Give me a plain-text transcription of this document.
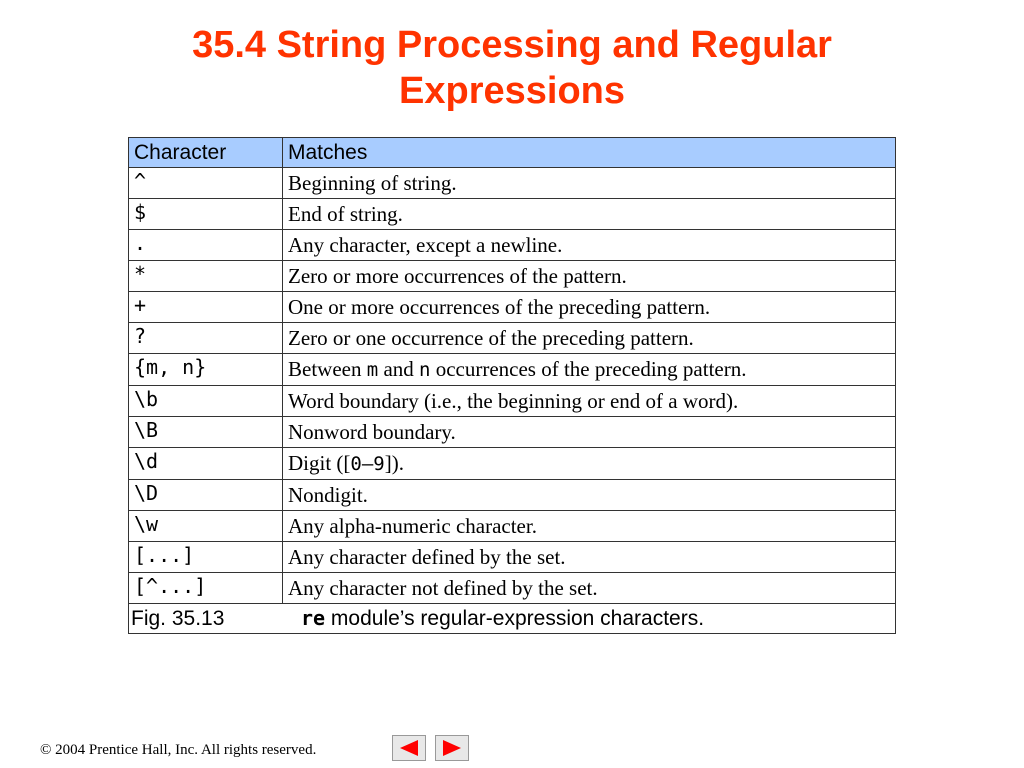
35.4 String Processing and Regular
Expressions
Character	Matches
^	Beginning of string.
$	End of string.
.	Any character, except a newline.
*	Zero or more occurrences of the pattern.
+	One or more occurrences of the preceding pattern.
?	Zero or one occurrence of the preceding pattern.
{m, n}	Between m and n occurrences of the preceding pattern.
\b	Word boundary (i.e., the beginning or end of a word).
\B	Nonword boundary.
\d	Digit ([0–9]).
\D	Nondigit.
\w	Any alpha-numeric character.
[...]	Any character defined by the set.
[^...]	Any character not defined by the set.
Fig. 35.13 re module’s regular-expression characters.	
© 2004 Prentice Hall, Inc. All rights reserved.
